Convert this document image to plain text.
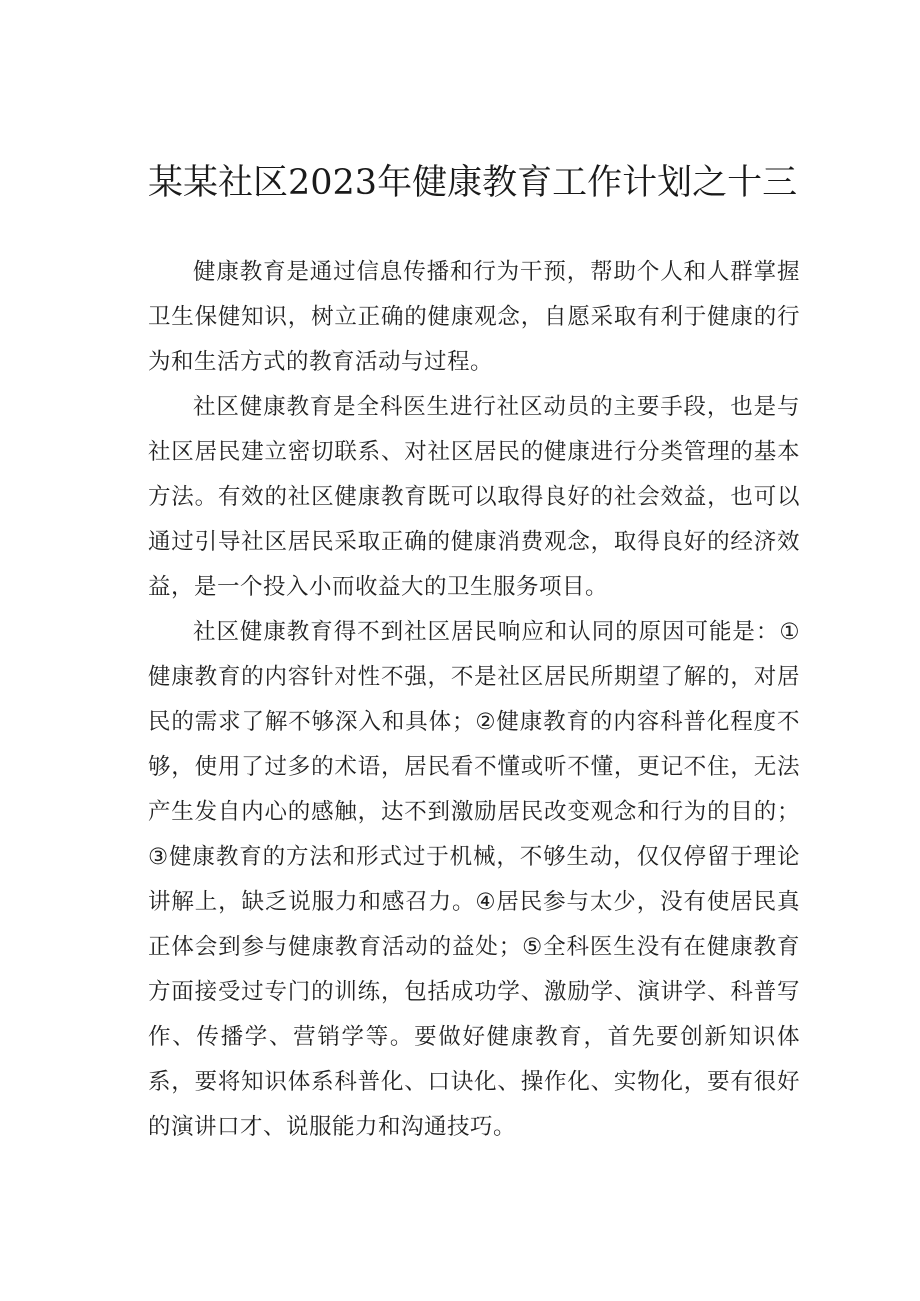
某某社区2023年健康教育工作计划之十三

健康教育是通过信息传播和行为干预，帮助个人和人群掌握卫生保健知识，树立正确的健康观念，自愿采取有利于健康的行为和生活方式的教育活动与过程。

社区健康教育是全科医生进行社区动员的主要手段，也是与社区居民建立密切联系、对社区居民的健康进行分类管理的基本方法。有效的社区健康教育既可以取得良好的社会效益，也可以通过引导社区居民采取正确的健康消费观念，取得良好的经济效益，是一个投入小而收益大的卫生服务项目。

社区健康教育得不到社区居民响应和认同的原因可能是：①健康教育的内容针对性不强，不是社区居民所期望了解的，对居民的需求了解不够深入和具体；②健康教育的内容科普化程度不够，使用了过多的术语，居民看不懂或听不懂，更记不住，无法产生发自内心的感触，达不到激励居民改变观念和行为的目的；③健康教育的方法和形式过于机械，不够生动，仅仅停留于理论讲解上，缺乏说服力和感召力。④居民参与太少，没有使居民真正体会到参与健康教育活动的益处；⑤全科医生没有在健康教育方面接受过专门的训练，包括成功学、激励学、演讲学、科普写作、传播学、营销学等。要做好健康教育，首先要创新知识体系，要将知识体系科普化、口诀化、操作化、实物化，要有很好的演讲口才、说服能力和沟通技巧。
